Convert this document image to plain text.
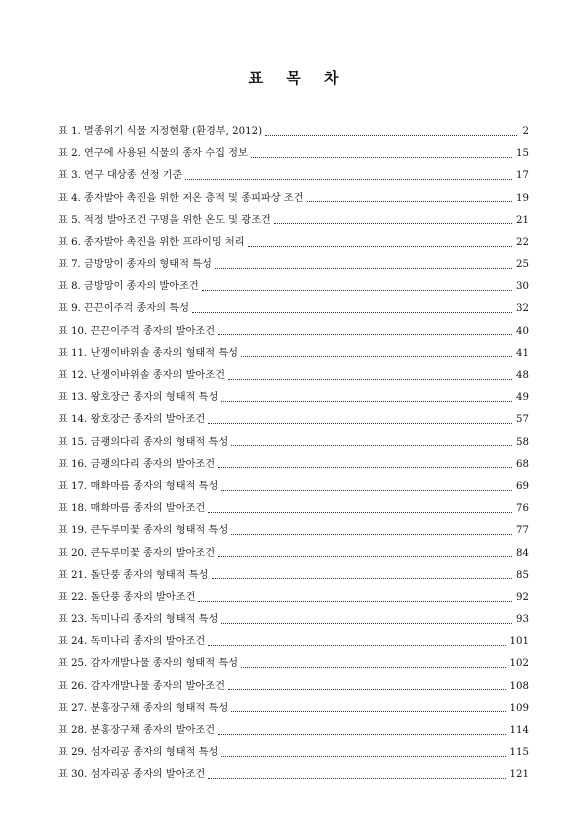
표 목 차
표 1. 멸종위기 식물 지정현황 (환경부, 2012)	2
표 2. 연구에 사용된 식물의 종자 수집 정보	15
표 3. 연구 대상종 선정 기준	17
표 4. 종자발아 촉진을 위한 저온 층적 및 종피파상 조건	19
표 5. 적정 발아조건 구명을 위한 온도 및 광조건	21
표 6. 종자발아 촉진을 위한 프라이밍 처리	22
표 7. 금방망이 종자의 형태적 특성	25
표 8. 금방망이 종자의 발아조건	30
표 9. 끈끈이주걱 종자의 특성	32
표 10. 끈끈이주걱 종자의 발아조건	40
표 11. 난쟁이바위솔 종자의 형태적 특성	41
표 12. 난쟁이바위솔 종자의 발아조건	48
표 13. 왕호장근 종자의 형태적 특성	49
표 14. 왕호장근 종자의 발아조건	57
표 15. 금괭의다리 종자의 형태적 특성	58
표 16. 금괭의다리 종자의 발아조건	68
표 17. 매화마름 종자의 형태적 특성	69
표 18. 매화마름 종자의 발아조건	76
표 19. 큰두루미꽃 종자의 형태적 특성	77
표 20. 큰두루미꽃 종자의 발아조건	84
표 21. 돌단풍 종자의 형태적 특성	85
표 22. 돌단풍 종자의 발아조건	92
표 23. 독미나리 종자의 형태적 특성	93
표 24. 독미나리 종자의 발아조건	101
표 25. 감자개발나물 종자의 형태적 특성	102
표 26. 감자개발나물 종자의 발아조건	108
표 27. 분홍장구채 종자의 형태적 특성	109
표 28. 분홍장구채 종자의 발아조건	114
표 29. 섬자리공 종자의 형태적 특성	115
표 30. 섬자리공 종자의 발아조건	121
